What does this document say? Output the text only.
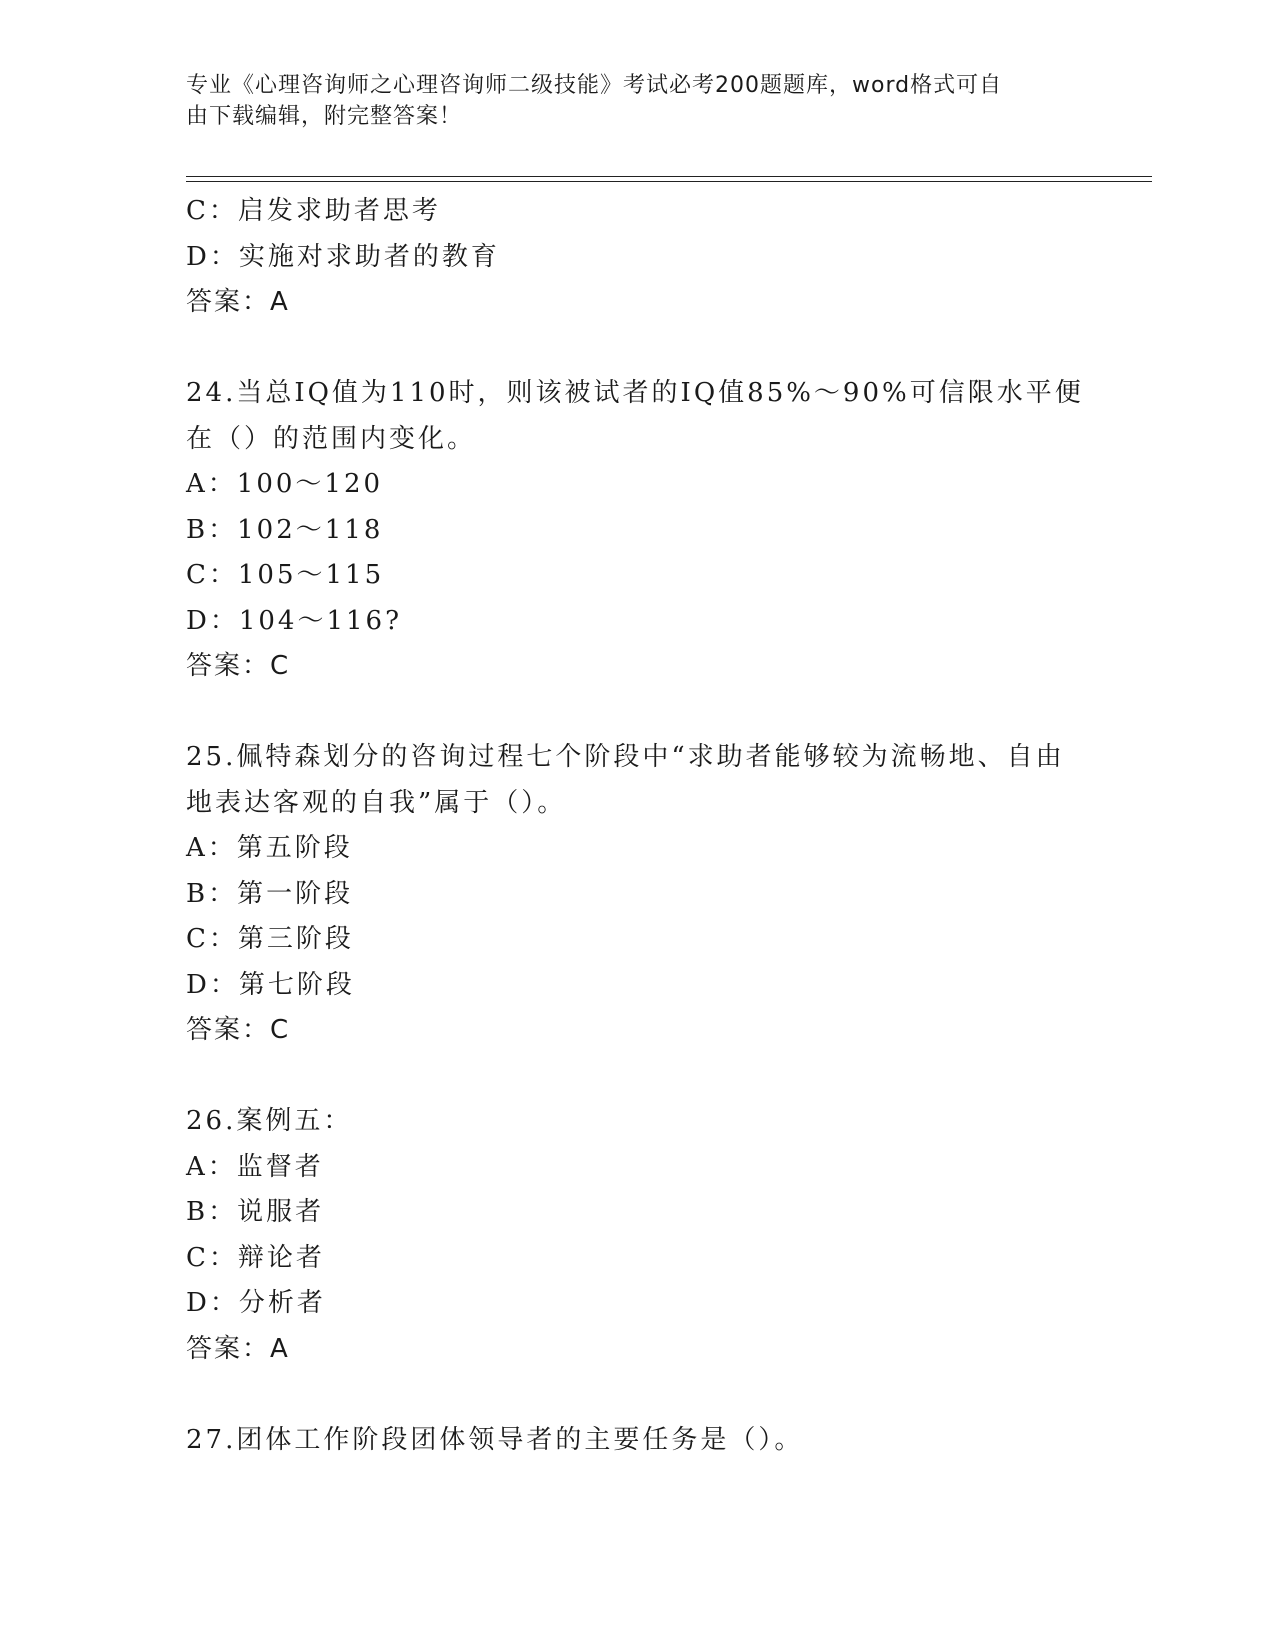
专业《心理咨询师之心理咨询师二级技能》考试必考200题题库，word格式可自
由下载编辑，附完整答案！
C：启发求助者思考
D：实施对求助者的教育
答案：A
24.当总IQ值为110时，则该被试者的IQ值85%～90%可信限水平便
在（）的范围内变化。
A：100～120
B：102～118
C：105～115
D：104～116?
答案：C
25.佩特森划分的咨询过程七个阶段中“求助者能够较为流畅地、自由
地表达客观的自我”属于（）。
A：第五阶段
B：第一阶段
C：第三阶段
D：第七阶段
答案：C
26.案例五：
A：监督者
B：说服者
C：辩论者
D：分析者
答案：A
27.团体工作阶段团体领导者的主要任务是（）。
